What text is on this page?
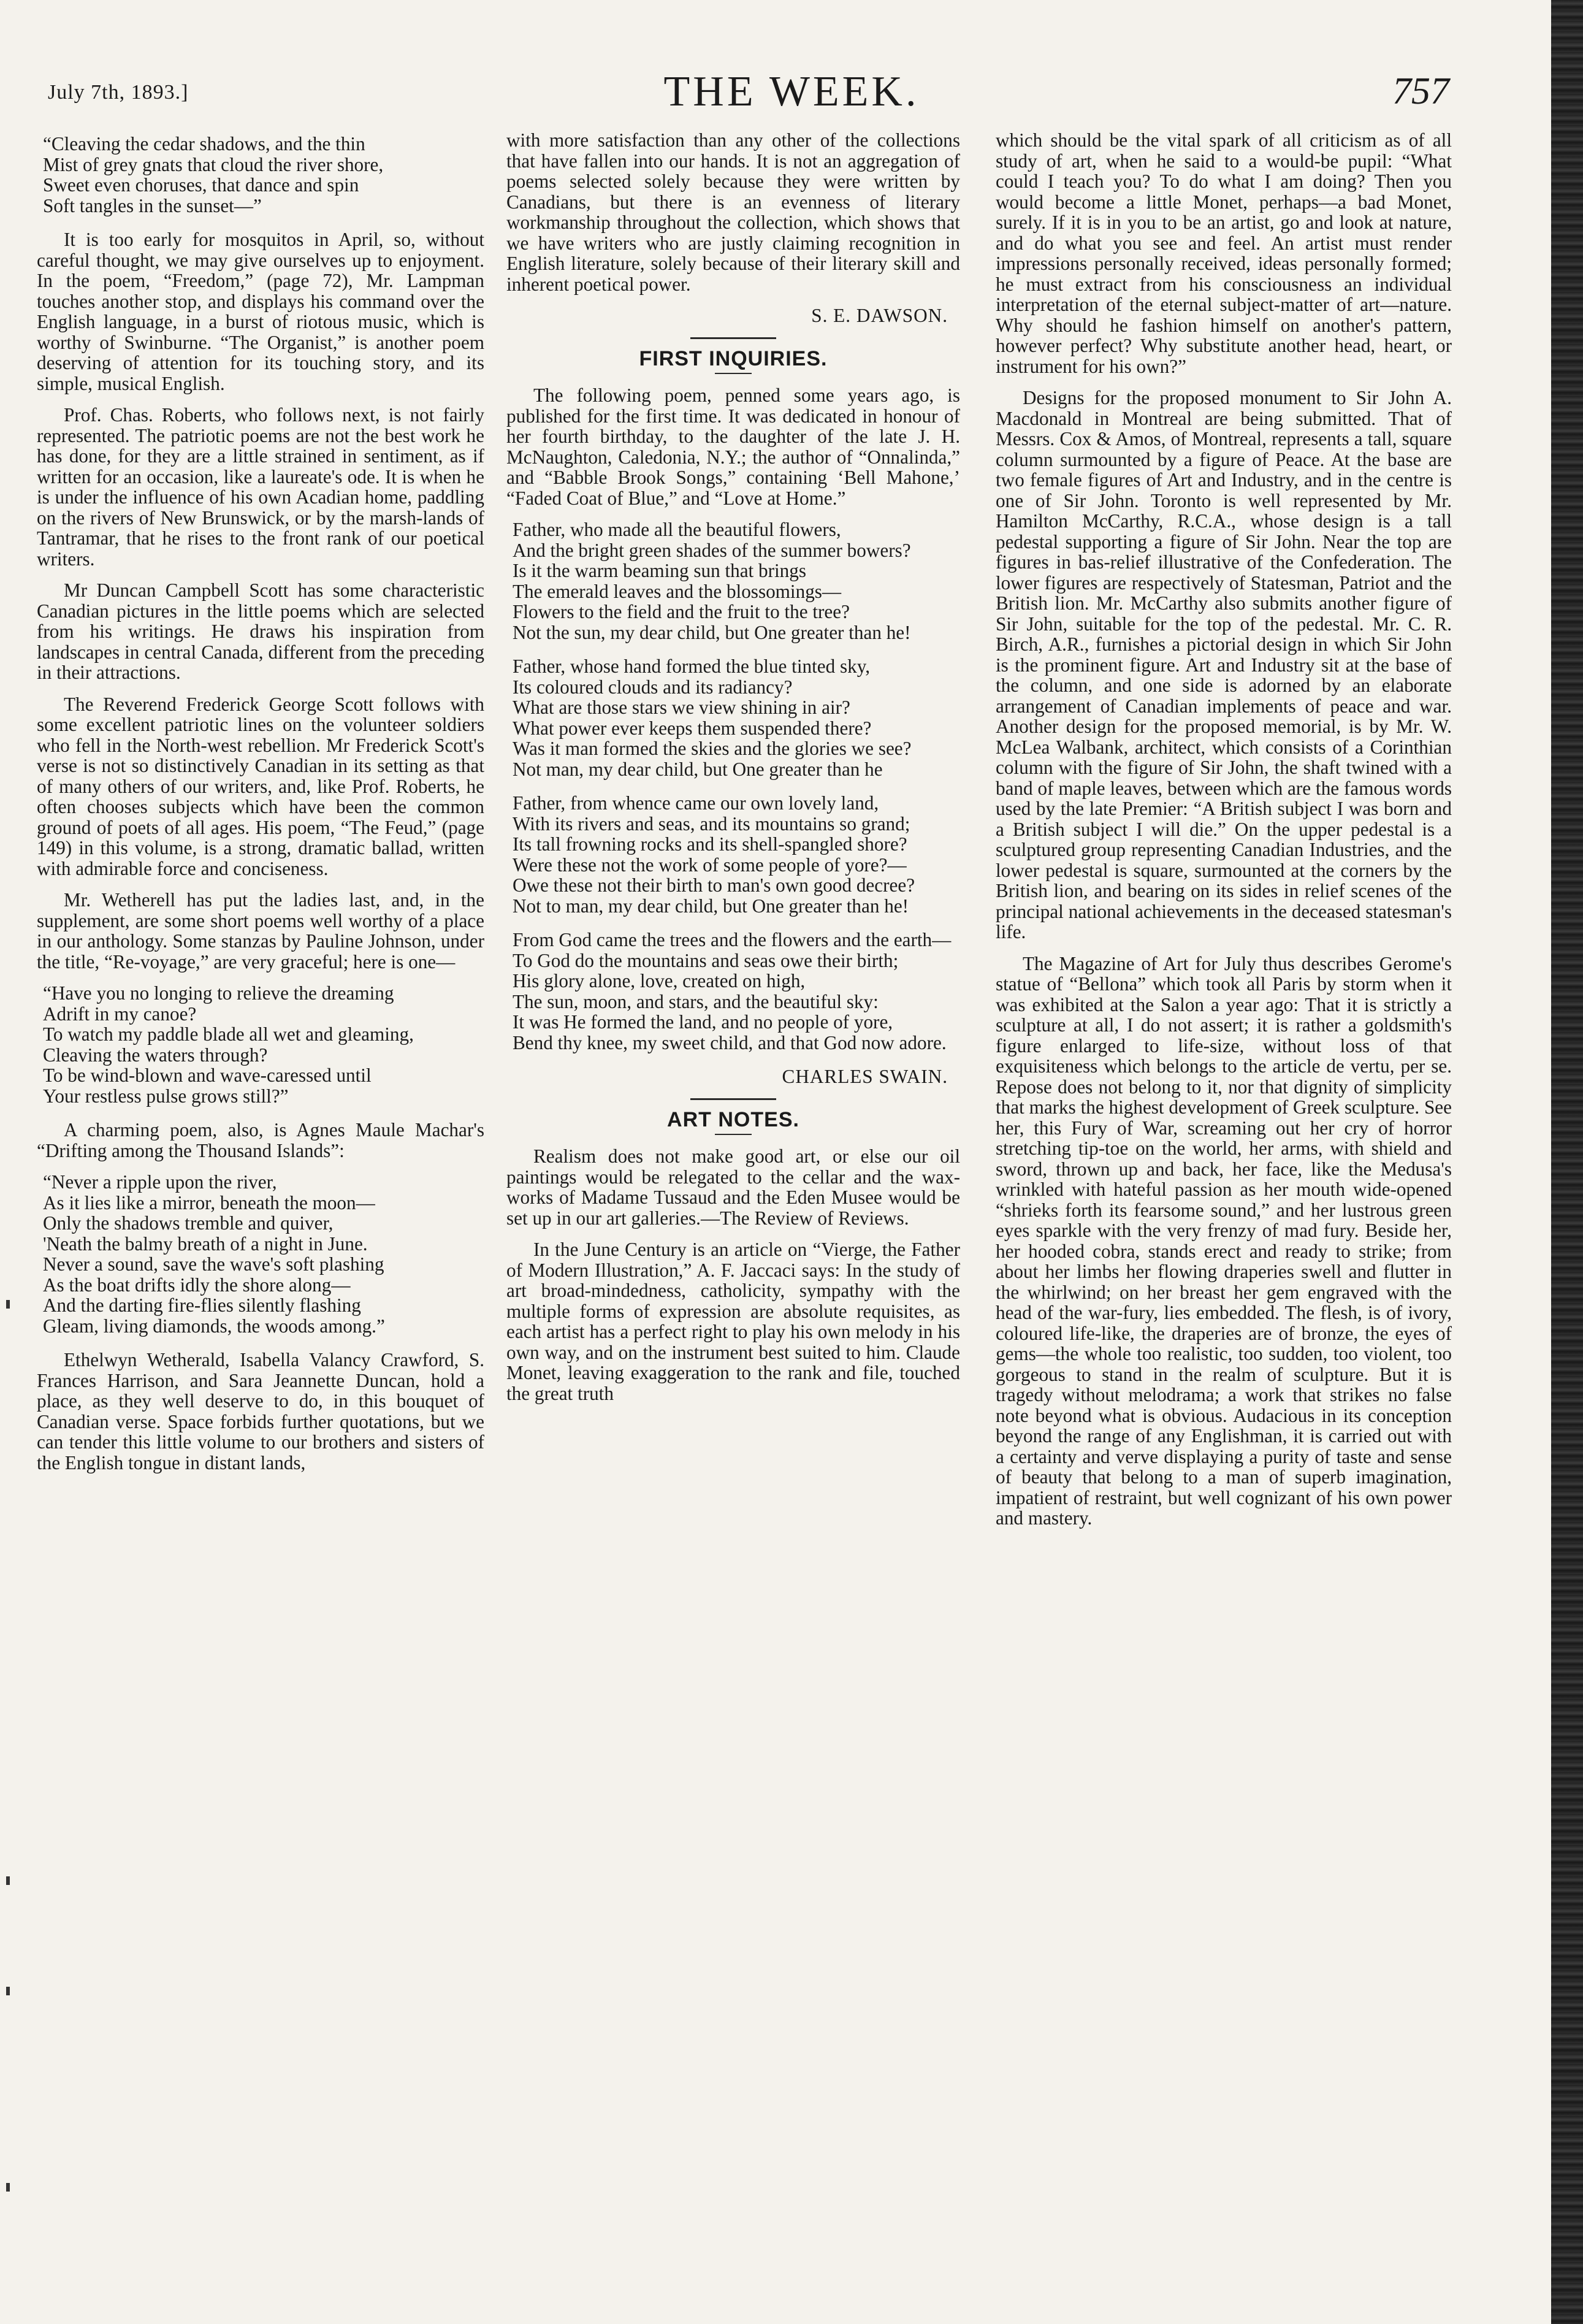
July 7th, 1893.]	THE WEEK.	757
“Cleaving the cedar shadows, and the thin
Mist of grey gnats that cloud the river shore,
Sweet even choruses, that dance and spin
Soft tangles in the sunset—”

It is too early for mosquitos in April, so, without careful thought, we may give ourselves up to enjoyment. In the poem, “Freedom,” (page 72), Mr. Lampman touches another stop, and displays his command over the English language, in a burst of riotous music, which is worthy of Swinburne. “The Organist,” is another poem deserving of attention for its touching story, and its simple, musical English.

Prof. Chas. Roberts, who follows next, is not fairly represented. The patriotic poems are not the best work he has done, for they are a little strained in sentiment, as if written for an occasion, like a laureate's ode. It is when he is under the influence of his own Acadian home, paddling on the rivers of New Brunswick, or by the marsh-lands of Tantramar, that he rises to the front rank of our poetical writers.

Mr Duncan Campbell Scott has some characteristic Canadian pictures in the little poems which are selected from his writings. He draws his inspiration from landscapes in central Canada, different from the preceding in their attractions.

The Reverend Frederick George Scott follows with some excellent patriotic lines on the volunteer soldiers who fell in the North-west rebellion. Mr Frederick Scott's verse is not so distinctively Canadian in its setting as that of many others of our writers, and, like Prof. Roberts, he often chooses subjects which have been the common ground of poets of all ages. His poem, “The Feud,” (page 149) in this volume, is a strong, dramatic ballad, written with admirable force and conciseness.

Mr. Wetherell has put the ladies last, and, in the supplement, are some short poems well worthy of a place in our anthology. Some stanzas by Pauline Johnson, under the title, “Re-voyage,” are very graceful; here is one—

“Have you no longing to relieve the dreaming
Adrift in my canoe?
To watch my paddle blade all wet and gleaming,
Cleaving the waters through?
To be wind-blown and wave-caressed until
Your restless pulse grows still?”

A charming poem, also, is Agnes Maule Machar's “Drifting among the Thousand Islands”:

“Never a ripple upon the river,
As it lies like a mirror, beneath the moon—
Only the shadows tremble and quiver,
'Neath the balmy breath of a night in June.
Never a sound, save the wave's soft plashing
As the boat drifts idly the shore along—
And the darting fire-flies silently flashing
Gleam, living diamonds, the woods among.”

Ethelwyn Wetherald, Isabella Valancy Crawford, S. Frances Harrison, and Sara Jeannette Duncan, hold a place, as they well deserve to do, in this bouquet of Canadian verse. Space forbids further quotations, but we can tender this little volume to our brothers and sisters of the English tongue in distant lands,

with more satisfaction than any other of the collections that have fallen into our hands. It is not an aggregation of poems selected solely because they were written by Canadians, but there is an evenness of literary workmanship throughout the collection, which shows that we have writers who are justly claiming recognition in English literature, solely because of their literary skill and inherent poetical power.

S. E. DAWSON.
FIRST INQUIRIES.

The following poem, penned some years ago, is published for the first time. It was dedicated in honour of her fourth birthday, to the daughter of the late J. H. McNaughton, Caledonia, N.Y.; the author of “Onnalinda,” and “Babble Brook Songs,” containing ‘Bell Mahone,’ “Faded Coat of Blue,” and “Love at Home.”

Father, who made all the beautiful flowers,
And the bright green shades of the summer bowers?
Is it the warm beaming sun that brings
The emerald leaves and the blossomings—
Flowers to the field and the fruit to the tree?
Not the sun, my dear child, but One greater than he!
Father, whose hand formed the blue tinted sky,
Its coloured clouds and its radiancy?
What are those stars we view shining in air?
What power ever keeps them suspended there?
Was it man formed the skies and the glories we see?
Not man, my dear child, but One greater than he
Father, from whence came our own lovely land,
With its rivers and seas, and its mountains so grand;
Its tall frowning rocks and its shell-spangled shore?
Were these not the work of some people of yore?—
Owe these not their birth to man's own good decree?
Not to man, my dear child, but One greater than he!
From God came the trees and the flowers and the earth—
To God do the mountains and seas owe their birth;
His glory alone, love, created on high,
The sun, moon, and stars, and the beautiful sky:
It was He formed the land, and no people of yore,
Bend thy knee, my sweet child, and that God now adore.
CHARLES SWAIN.
ART NOTES.

Realism does not make good art, or else our oil paintings would be relegated to the cellar and the wax-works of Madame Tussaud and the Eden Musee would be set up in our art galleries.—The Review of Reviews.

In the June Century is an article on “Vierge, the Father of Modern Illustration,” A. F. Jaccaci says: In the study of art broad-mindedness, catholicity, sympathy with the multiple forms of expression are absolute requisites, as each artist has a perfect right to play his own melody in his own way, and on the instrument best suited to him. Claude Monet, leaving exaggeration to the rank and file, touched the great truth

which should be the vital spark of all criticism as of all study of art, when he said to a would-be pupil: “What could I teach you? To do what I am doing? Then you would become a little Monet, perhaps—a bad Monet, surely. If it is in you to be an artist, go and look at nature, and do what you see and feel. An artist must render impressions personally received, ideas personally formed; he must extract from his consciousness an individual interpretation of the eternal subject-matter of art—nature. Why should he fashion himself on another's pattern, however perfect? Why substitute another head, heart, or instrument for his own?”

Designs for the proposed monument to Sir John A. Macdonald in Montreal are being submitted. That of Messrs. Cox & Amos, of Montreal, represents a tall, square column surmounted by a figure of Peace. At the base are two female figures of Art and Industry, and in the centre is one of Sir John. Toronto is well represented by Mr. Hamilton McCarthy, R.C.A., whose design is a tall pedestal supporting a figure of Sir John. Near the top are figures in bas-relief illustrative of the Confederation. The lower figures are respectively of Statesman, Patriot and the British lion. Mr. McCarthy also submits another figure of Sir John, suitable for the top of the pedestal. Mr. C. R. Birch, A.R., furnishes a pictorial design in which Sir John is the prominent figure. Art and Industry sit at the base of the column, and one side is adorned by an elaborate arrangement of Canadian implements of peace and war. Another design for the proposed memorial, is by Mr. W. McLea Walbank, architect, which consists of a Corinthian column with the figure of Sir John, the shaft twined with a band of maple leaves, between which are the famous words used by the late Premier: “A British subject I was born and a British subject I will die.” On the upper pedestal is a sculptured group representing Canadian Industries, and the lower pedestal is square, surmounted at the corners by the British lion, and bearing on its sides in relief scenes of the principal national achievements in the deceased statesman's life.

The Magazine of Art for July thus describes Gerome's statue of “Bellona” which took all Paris by storm when it was exhibited at the Salon a year ago: That it is strictly a sculpture at all, I do not assert; it is rather a goldsmith's figure enlarged to life-size, without loss of that exquisiteness which belongs to the article de vertu, per se. Repose does not belong to it, nor that dignity of simplicity that marks the highest development of Greek sculpture. See her, this Fury of War, screaming out her cry of horror stretching tip-toe on the world, her arms, with shield and sword, thrown up and back, her face, like the Medusa's wrinkled with hateful passion as her mouth wide-opened “shrieks forth its fearsome sound,” and her lustrous green eyes sparkle with the very frenzy of mad fury. Beside her, her hooded cobra, stands erect and ready to strike; from about her limbs her flowing draperies swell and flutter in the whirlwind; on her breast her gem engraved with the head of the war-fury, lies embedded. The flesh, is of ivory, coloured life-like, the draperies are of bronze, the eyes of gems—the whole too realistic, too sudden, too violent, too gorgeous to stand in the realm of sculpture. But it is tragedy without melodrama; a work that strikes no false note beyond what is obvious. Audacious in its conception beyond the range of any Englishman, it is carried out with a certainty and verve displaying a purity of taste and sense of beauty that belong to a man of superb imagination, impatient of restraint, but well cognizant of his own power and mastery.
